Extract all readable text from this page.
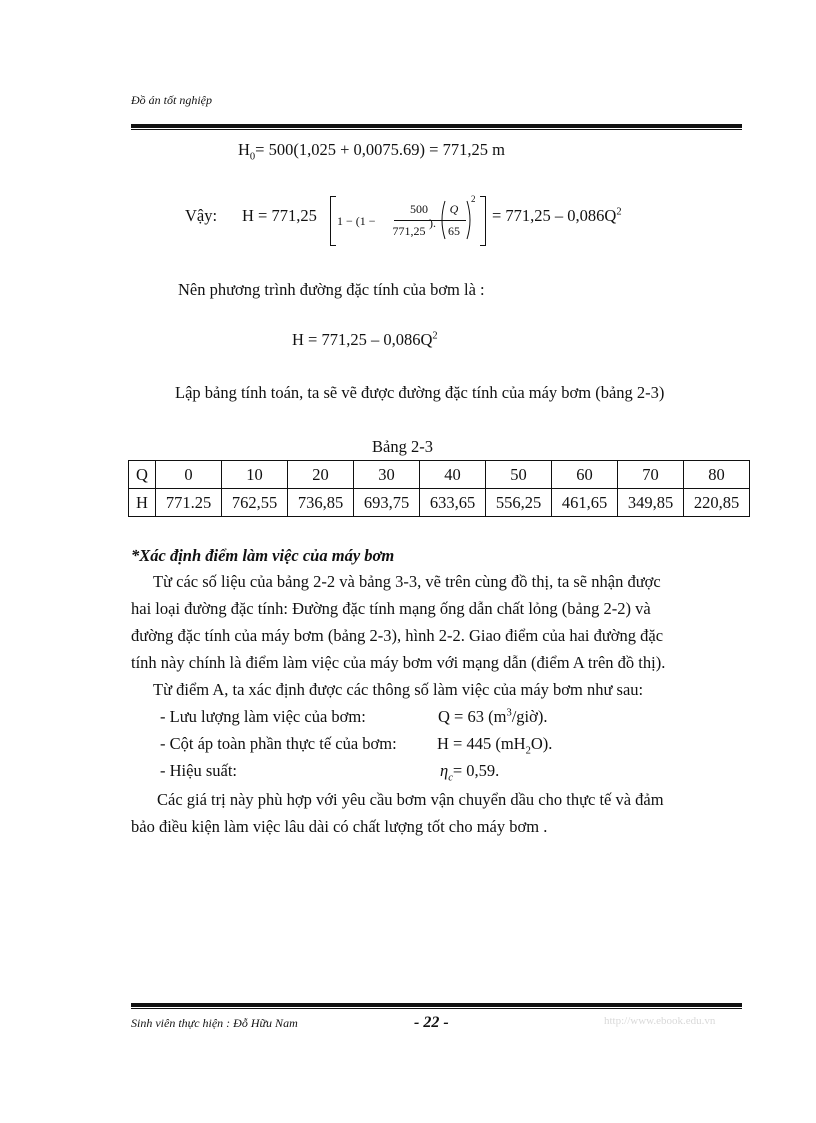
Đồ án tốt nghiệp
$H_0= 500(1,025 + 0,0075.69) = 771,25$ m
Vậy: H = 771,25 1 − (1 −
500
771,25
).
Q
65
2
= $771,25 - 0,086Q^2$
Nên phương trình đường đặc tính của bơm là :
$H = 771,25 - 0,086Q^2$
Lập bảng tính toán, ta sẽ vẽ được đường đặc tính của máy bơm (bảng 2-3)
Bảng 2-3
Q	0	10	20	30	40	50	60	70	80
H	771.25	762,55	736,85	693,75	633,65	556,25	461,65	349,85	220,85
*Xác định điểm làm việc của máy bơm
Từ các số liệu của bảng 2-2 và bảng 3-3, vẽ trên cùng đồ thị, ta sẽ nhận được
hai loại đường đặc tính: Đường đặc tính mạng ống dẫn chất lỏng (bảng 2-2) và
đường đặc tính của máy bơm (bảng 2-3), hình 2-2. Giao điểm của hai đường đặc
tính này chính là điểm làm việc của máy bơm với mạng dẫn (điểm A trên đồ thị).
Từ điểm A, ta xác định được các thông số làm việc của máy bơm như sau:
- Lưu lượng làm việc của bơm:	Q = 63 $(m^3/giờ)$.
- Cột áp toàn phần thực tế của bơm: H = 445 $(mH_2O)$.
- Hiệu suất:	$\eta_c= 0,59$.
Các giá trị này phù hợp với yêu cầu bơm vận chuyển dầu cho thực tế và đảm
bảo điều kiện làm việc lâu dài có chất lượng tốt cho máy bơm .
Sinh viên thực hiện : Đỗ Hữu Nam	- 22 -	http://www.ebook.edu.vn
